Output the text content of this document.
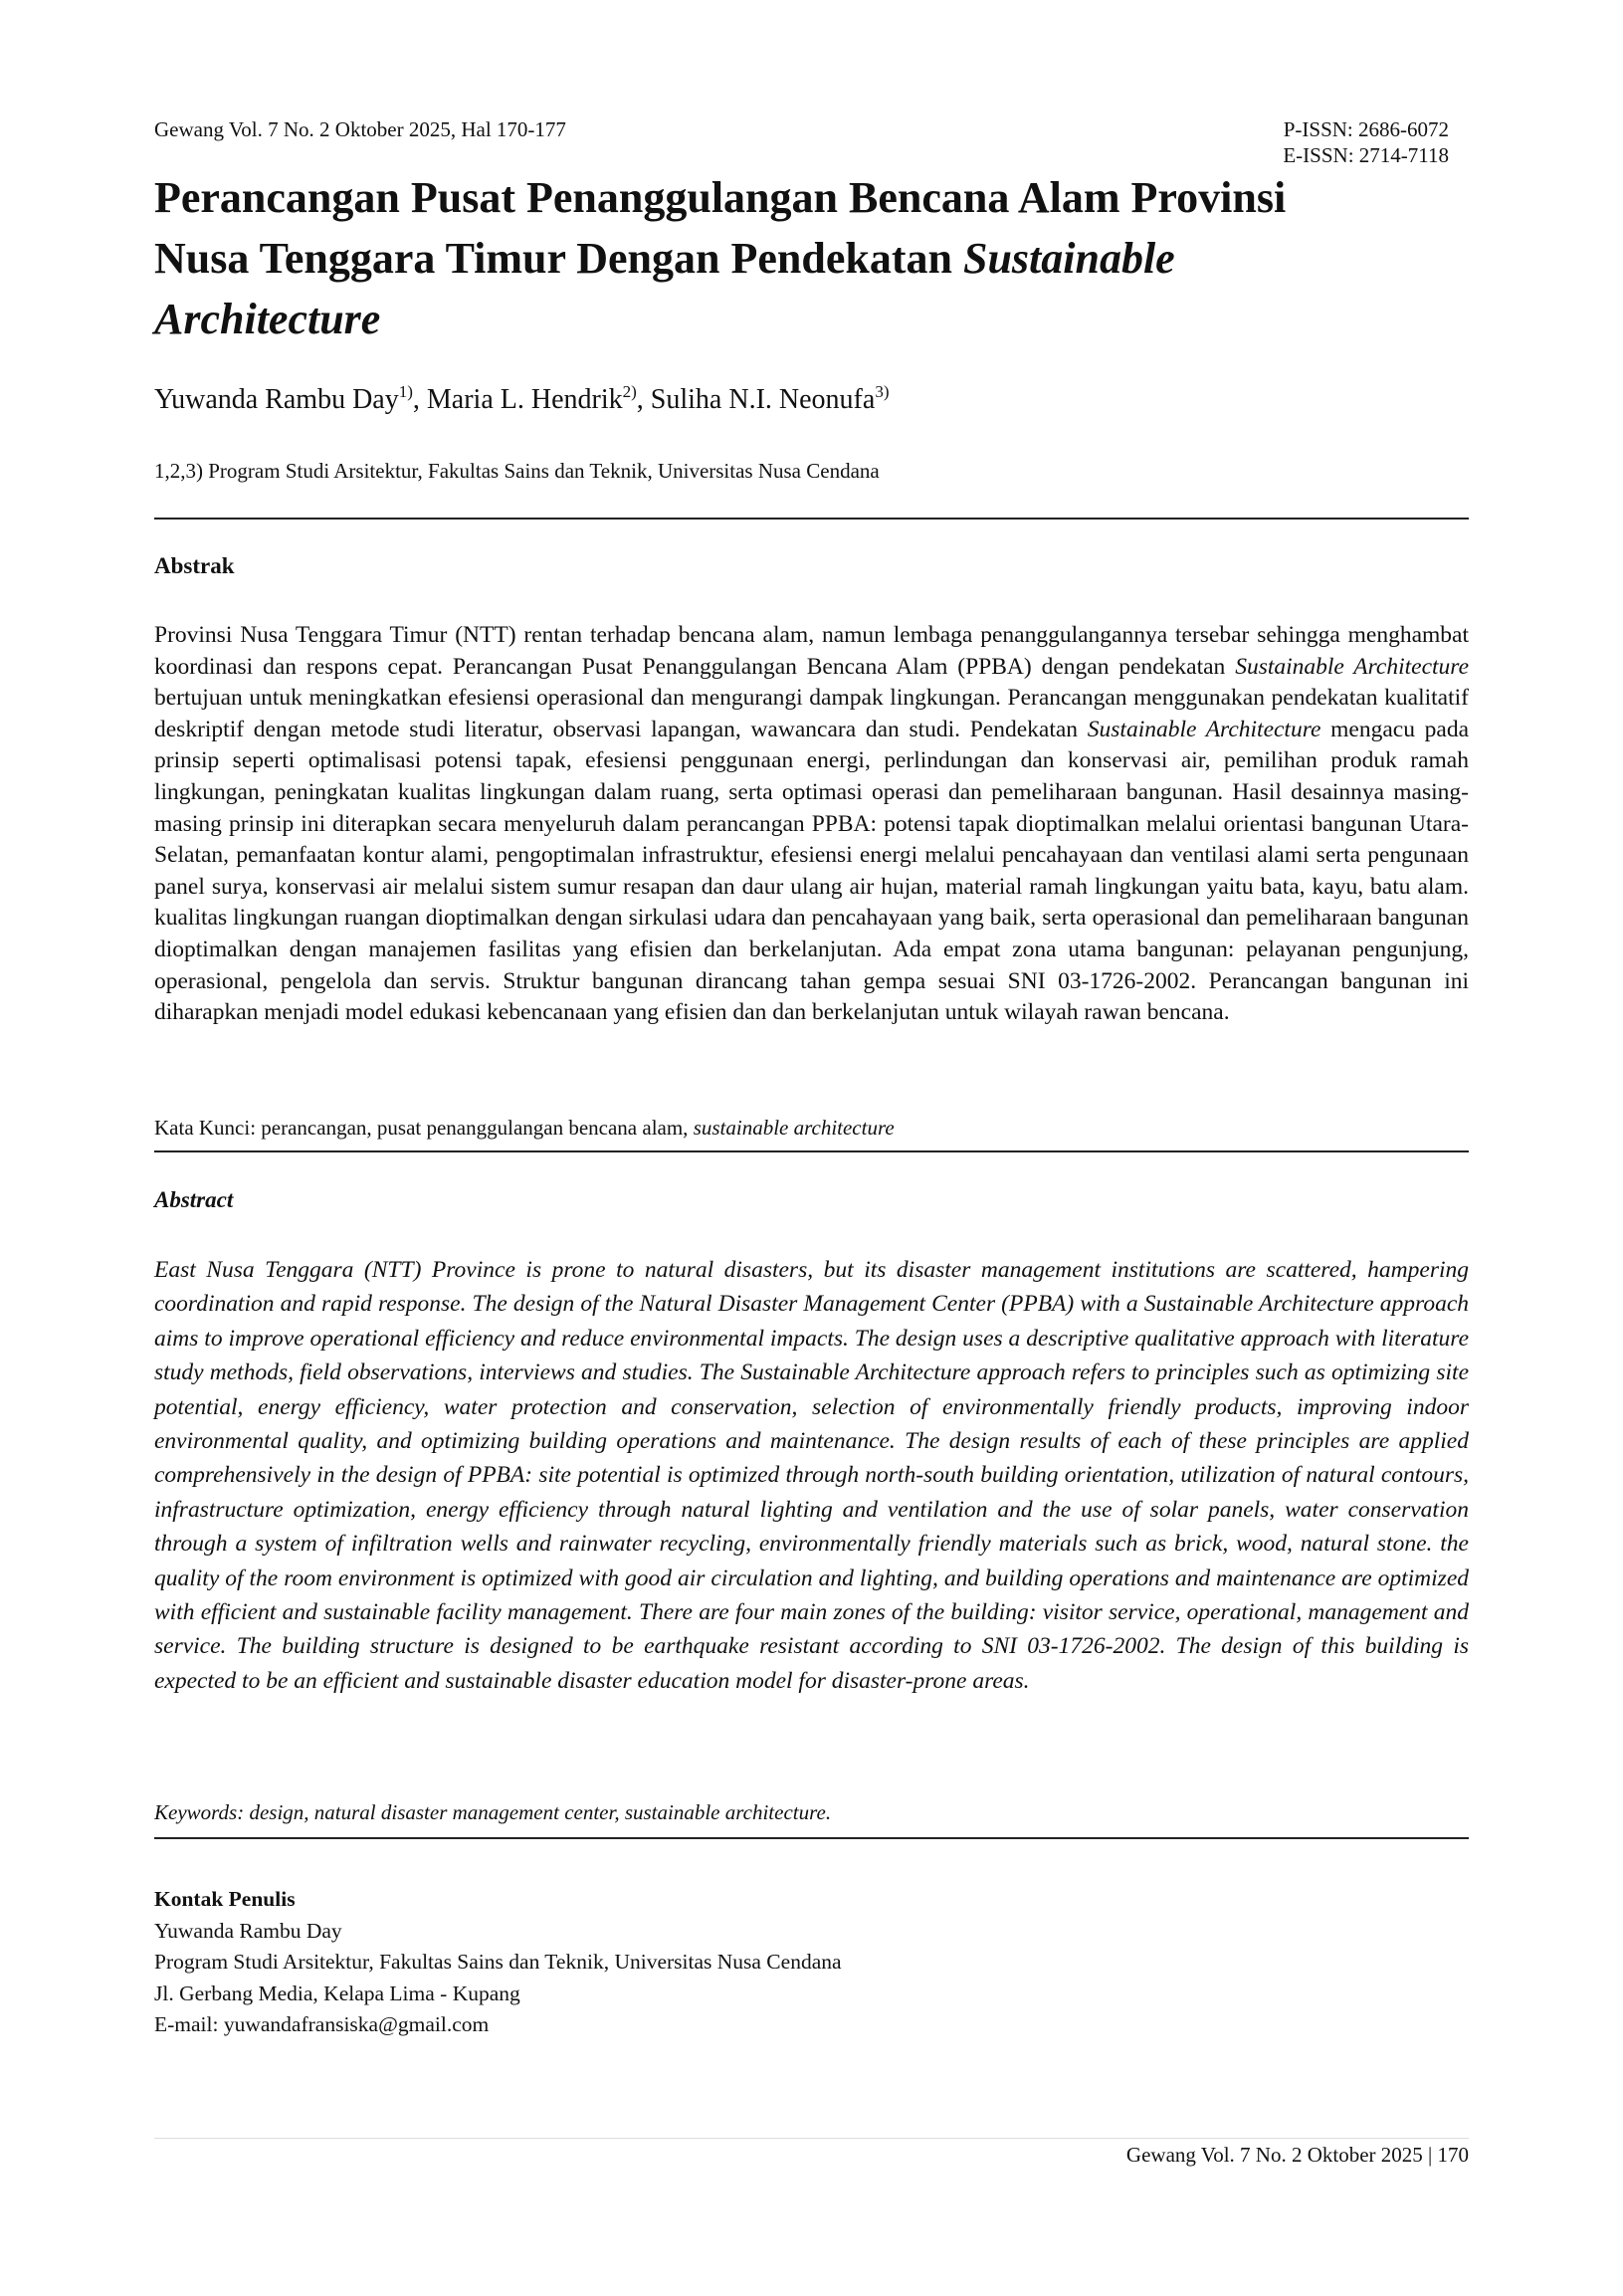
Gewang Vol. 7 No. 2 Oktober 2025, Hal 170-177	P-ISSN: 2686-6072
E-ISSN: 2714-7118
Perancangan Pusat Penanggulangan Bencana Alam Provinsi
Nusa Tenggara Timur Dengan Pendekatan Sustainable
Architecture
Yuwanda Rambu Day$^{1)}$, Maria L. Hendrik$^{2)}$, Suliha N.I. Neonufa$^{3)}$
1,2,3) Program Studi Arsitektur, Fakultas Sains dan Teknik, Universitas Nusa Cendana
Abstrak

Provinsi Nusa Tenggara Timur (NTT) rentan terhadap bencana alam, namun lembaga penanggulangannya tersebar sehingga menghambat koordinasi dan respons cepat. Perancangan Pusat Penanggulangan Bencana Alam (PPBA) dengan pendekatan Sustainable Architecture bertujuan untuk meningkatkan efesiensi operasional dan mengurangi dampak lingkungan. Perancangan menggunakan pendekatan kualitatif deskriptif dengan metode studi literatur, observasi lapangan, wawancara dan studi. Pendekatan Sustainable Architecture mengacu pada prinsip seperti optimalisasi potensi tapak, efesiensi penggunaan energi, perlindungan dan konservasi air, pemilihan produk ramah lingkungan, peningkatan kualitas lingkungan dalam ruang, serta optimasi operasi dan pemeliharaan bangunan. Hasil desainnya masing-masing prinsip ini diterapkan secara menyeluruh dalam perancangan PPBA: potensi tapak dioptimalkan melalui orientasi bangunan Utara-Selatan, pemanfaatan kontur alami, pengoptimalan infrastruktur, efesiensi energi melalui pencahayaan dan ventilasi alami serta pengunaan panel surya, konservasi air melalui sistem sumur resapan dan daur ulang air hujan, material ramah lingkungan yaitu bata, kayu, batu alam. kualitas lingkungan ruangan dioptimalkan dengan sirkulasi udara dan pencahayaan yang baik, serta operasional dan pemeliharaan bangunan dioptimalkan dengan manajemen fasilitas yang efisien dan berkelanjutan. Ada empat zona utama bangunan: pelayanan pengunjung, operasional, pengelola dan servis. Struktur bangunan dirancang tahan gempa sesuai SNI 03-1726-2002. Perancangan bangunan ini diharapkan menjadi model edukasi kebencanaan yang efisien dan dan berkelanjutan untuk wilayah rawan bencana.

Kata Kunci: perancangan, pusat penanggulangan bencana alam, sustainable architecture
Abstract

East Nusa Tenggara (NTT) Province is prone to natural disasters, but its disaster management institutions are scattered, hampering coordination and rapid response. The design of the Natural Disaster Management Center (PPBA) with a Sustainable Architecture approach aims to improve operational efficiency and reduce environmental impacts. The design uses a descriptive qualitative approach with literature study methods, field observations, interviews and studies. The Sustainable Architecture approach refers to principles such as optimizing site potential, energy efficiency, water protection and conservation, selection of environmentally friendly products, improving indoor environmental quality, and optimizing building operations and maintenance. The design results of each of these principles are applied comprehensively in the design of PPBA: site potential is optimized through north-south building orientation, utilization of natural contours, infrastructure optimization, energy efficiency through natural lighting and ventilation and the use of solar panels, water conservation through a system of infiltration wells and rainwater recycling, environmentally friendly materials such as brick, wood, natural stone. the quality of the room environment is optimized with good air circulation and lighting, and building operations and maintenance are optimized with efficient and sustainable facility management. There are four main zones of the building: visitor service, operational, management and service. The building structure is designed to be earthquake resistant according to SNI 03-1726-2002. The design of this building is expected to be an efficient and sustainable disaster education model for disaster-prone areas.

Keywords: design, natural disaster management center, sustainable architecture.
Kontak Penulis
Yuwanda Rambu Day
Program Studi Arsitektur, Fakultas Sains dan Teknik, Universitas Nusa Cendana
Jl. Gerbang Media, Kelapa Lima - Kupang
E-mail: yuwandafransiska@gmail.com
Gewang Vol. 7 No. 2 Oktober 2025 | 170
